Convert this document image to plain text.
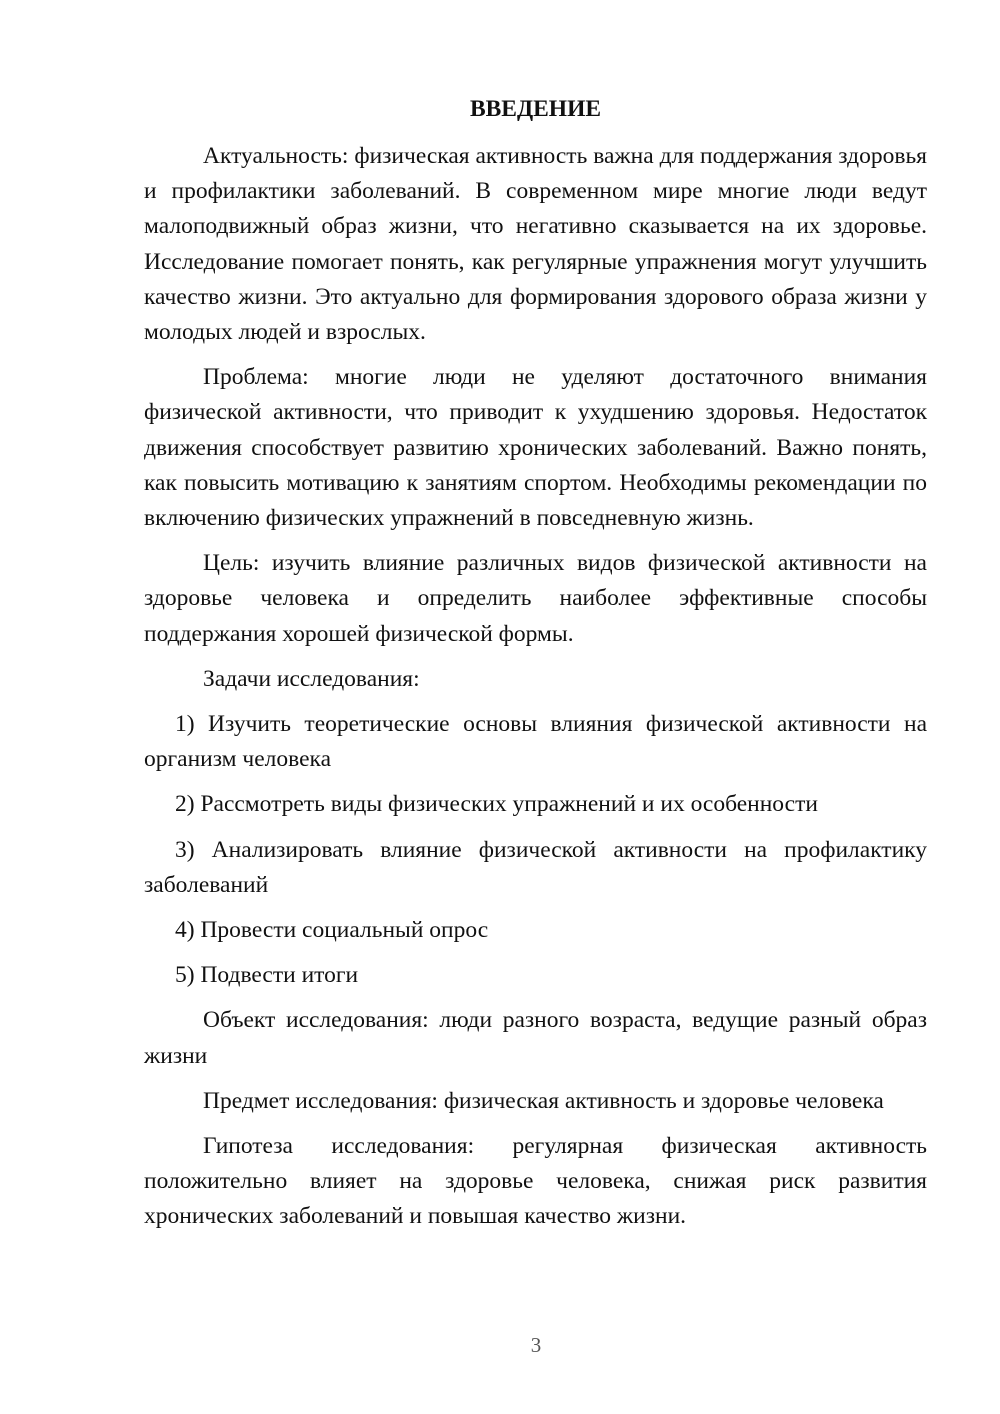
ВВЕДЕНИЕ

Актуальность: физическая активность важна для поддержания здоровья и профилактики заболеваний. В современном мире многие люди ведут малоподвижный образ жизни, что негативно сказывается на их здоровье. Исследование помогает понять, как регулярные упражнения могут улучшить качество жизни. Это актуально для формирования здорового образа жизни у молодых людей и взрослых.

Проблема: многие люди не уделяют достаточного внимания физической активности, что приводит к ухудшению здоровья. Недостаток движения способствует развитию хронических заболеваний. Важно понять, как повысить мотивацию к занятиям спортом. Необходимы рекомендации по включению физических упражнений в повседневную жизнь.

Цель: изучить влияние различных видов физической активности на здоровье человека и определить наиболее эффективные способы поддержания хорошей физической формы.

Задачи исследования:

1) Изучить теоретические основы влияния физической активности на организм человека

2) Рассмотреть виды физических упражнений и их особенности

3) Анализировать влияние физической активности на профилактику заболеваний

4) Провести социальный опрос

5) Подвести итоги

Объект исследования: люди разного возраста, ведущие разный образ жизни

Предмет исследования: физическая активность и здоровье человека

Гипотеза исследования: регулярная физическая активность положительно влияет на здоровье человека, снижая риск развития хронических заболеваний и повышая качество жизни.

3
